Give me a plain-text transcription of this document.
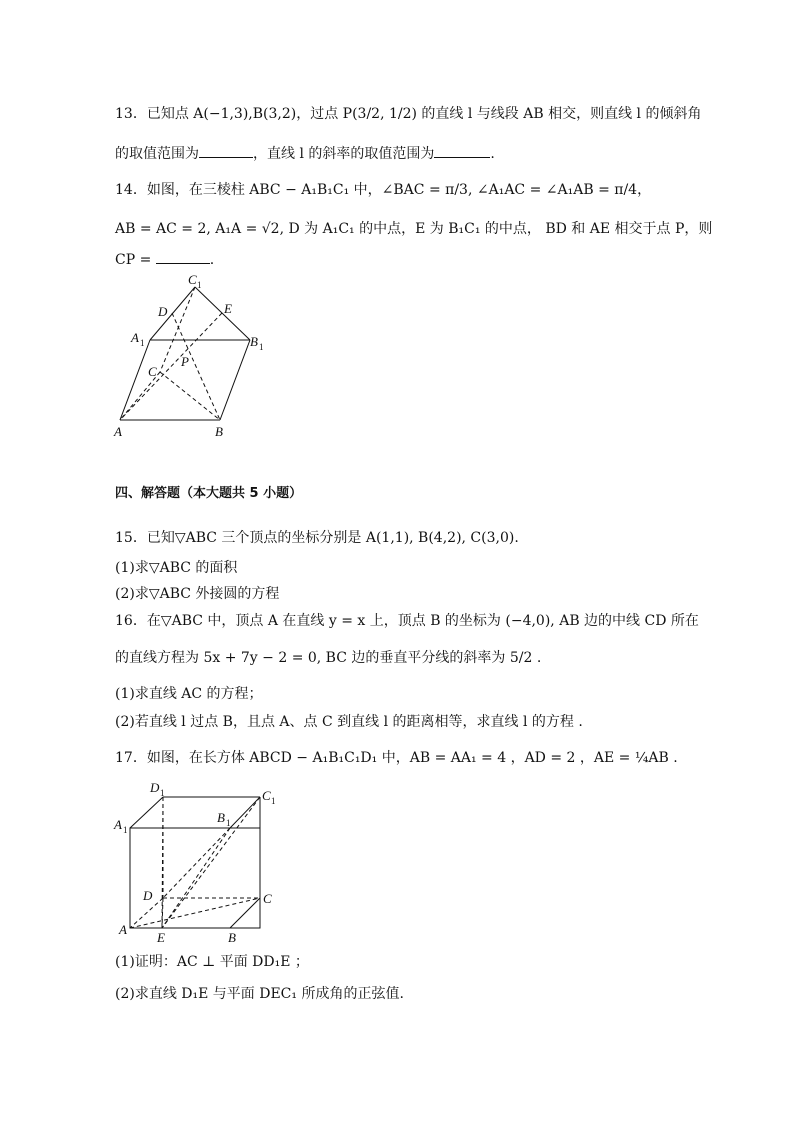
13．已知点 A(−1,3),B(3,2)，过点 P(3/2, 1/2) 的直线 l 与线段 AB 相交，则直线 l 的倾斜角
的取值范围为	，直线 l 的斜率的取值范围为	.
14．如图，在三棱柱 ABC − A₁B₁C₁ 中，∠BAC = π/3, ∠A₁AC = ∠A₁AB = π/4，
AB = AC = 2, A₁A = √2, D 为 A₁C₁ 的中点，E 为 B₁C₁ 的中点， BD 和 AE 相交于点 P，则
CP =	.
C 1
D	E
A 1	B 1
P
C
A	B
四、解答题（本大题共 5 小题）
15．已知▽ABC 三个顶点的坐标分别是 A(1,1), B(4,2), C(3,0).
(1)求▽ABC 的面积
(2)求▽ABC 外接圆的方程
16．在▽ABC 中，顶点 A 在直线 y = x 上，顶点 B 的坐标为 (−4,0), AB 边的中线 CD 所在
的直线方程为 5x + 7y − 2 = 0, BC 边的垂直平分线的斜率为 5/2 .
(1)求直线 AC 的方程；
(2)若直线 l 过点 B，且点 A、点 C 到直线 l 的距离相等，求直线 l 的方程 .
17．如图，在长方体 ABCD − A₁B₁C₁D₁ 中，AB = AA₁ = 4 ，AD = 2 ，AE = ¼AB .
D 1	C 1
A 1
B 1
D	C
A
E	B
(1)证明：AC ⊥ 平面 DD₁E ；
(2)求直线 D₁E 与平面 DEC₁ 所成角的正弦值.
